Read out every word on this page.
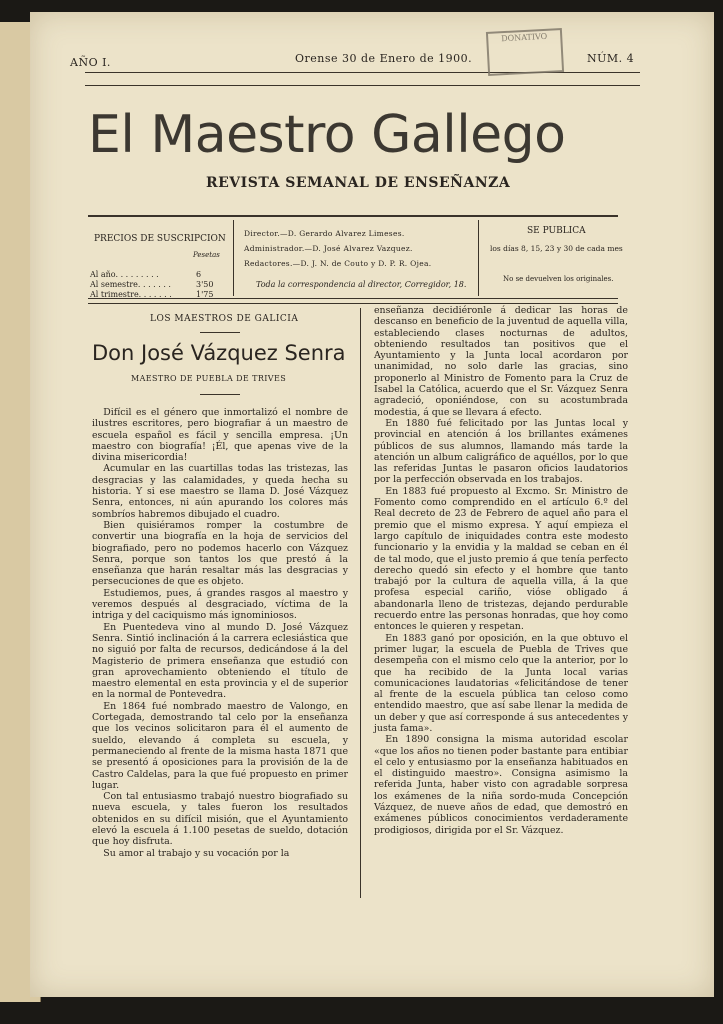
AÑO I.	Orense 30 de Enero de 1900.	NÚM. 4
DONATIVO
El Maestro Gallego
REVISTA SEMANAL DE ENSEÑANZA
PRECIOS DE SUSCRIPCION
Pesetas
Al año. . . . . . . . .	6
Al semestre. . . . . . .	3'50
Al trimestre. . . . . . .	1'75
Director.—D. Gerardo Alvarez Limeses.
Administrador.—D. José Alvarez Vazquez.
Redactores.—D. J. N. de Couto y D. P. R. Ojea.
Toda la correspondencia al director, Corregidor, 18.
SE PUBLICA
los días 8, 15, 23 y 30 de cada mes
No se devuelven los originales.
LOS MAESTROS DE GALICIA
Don José Vázquez Senra
MAESTRO DE PUEBLA DE TRIVES

Difícil es el género que inmortalizó el nombre de ilustres escritores, pero biografiar á un maestro de escuela español es fácil y sencilla empresa. ¡Un maestro con biografía! ¡Él, que apenas vive de la divina misericordia!

Acumular en las cuartillas todas las tristezas, las desgracias y las calamidades, y queda hecha su historia. Y si ese maestro se llama D. José Vázquez Senra, entonces, ni aún apurando los colores más sombríos habremos dibujado el cuadro.

Bien quisiéramos romper la costumbre de convertir una biografía en la hoja de servicios del biografiado, pero no podemos hacerlo con Vázquez Senra, porque son tantos los que prestó á la enseñanza que harán resaltar más las desgracias y persecuciones de que es objeto.

Estudiemos, pues, á grandes rasgos al maestro y veremos después al desgraciado, víctima de la intriga y del caciquismo más ignominiosos.

En Puentedeva vino al mundo D. José Vázquez Senra. Sintió inclinación á la carrera eclesiástica que no siguió por falta de recursos, dedicándose á la del Magisterio de primera enseñanza que estudió con gran aprovechamiento obteniendo el título de maestro elemental en esta provincia y el de superior en la normal de Pontevedra.

En 1864 fué nombrado maestro de Valongo, en Cortegada, demostrando tal celo por la enseñanza que los vecinos solicitaron para él el aumento de sueldo, elevando á completa su escuela, y permaneciendo al frente de la misma hasta 1871 que se presentó á oposiciones para la provisión de la de Castro Caldelas, para la que fué propuesto en primer lugar.

Con tal entusiasmo trabajó nuestro biografiado su nueva escuela, y tales fueron los resultados obtenidos en su difícil misión, que el Ayuntamiento elevó la escuela á 1.100 pesetas de sueldo, dotación que hoy disfruta.

Su amor al trabajo y su vocación por la

enseñanza decidiéronle á dedicar las horas de descanso en beneficio de la juventud de aquella villa, estableciendo clases nocturnas de adultos, obteniendo resultados tan positivos que el Ayuntamiento y la Junta local acordaron por unanimidad, no solo darle las gracias, sino proponerlo al Ministro de Fomento para la Cruz de Isabel la Católica, acuerdo que el Sr. Vázquez Senra agradeció, oponiéndose, con su acostumbrada modestia, á que se llevara á efecto.

En 1880 fué felicitado por las Juntas local y provincial en atención á los brillantes exámenes públicos de sus alumnos, llamando más tarde la atención un album caligráfico de aquéllos, por lo que las referidas Juntas le pasaron oficios laudatorios por la perfección observada en los trabajos.

En 1883 fué propuesto al Excmo. Sr. Ministro de Fomento como comprendido en el artículo 6.º del Real decreto de 23 de Febrero de aquel año para el premio que el mismo expresa. Y aquí empieza el largo capítulo de iniquidades contra este modesto funcionario y la envidia y la maldad se ceban en él de tal modo, que el justo premio á que tenía perfecto derecho quedó sin efecto y el hombre que tanto trabajó por la cultura de aquella villa, á la que profesa especial cariño, vióse obligado á abandonarla lleno de tristezas, dejando perdurable recuerdo entre las personas honradas, que hoy como entonces le quieren y respetan.

En 1883 ganó por oposición, en la que obtuvo el primer lugar, la escuela de Puebla de Trives que desempeña con el mismo celo que la anterior, por lo que ha recibido de la Junta local varias comunicaciones laudatorias «felicitándose de tener al frente de la escuela pública tan celoso como entendido maestro, que así sabe llenar la medida de un deber y que así corresponde á sus antecedentes y justa fama».

En 1890 consigna la misma autoridad escolar «que los años no tienen poder bastante para entibiar el celo y entusiasmo por la enseñanza habituados en el distinguido maestro». Consigna asimismo la referida Junta, haber visto con agradable sorpresa los exámenes de la niña sordo-muda Concepción Vázquez, de nueve años de edad, que demostró en exámenes públicos conocimientos verdaderamente prodigiosos, dirigida por el Sr. Vázquez.
